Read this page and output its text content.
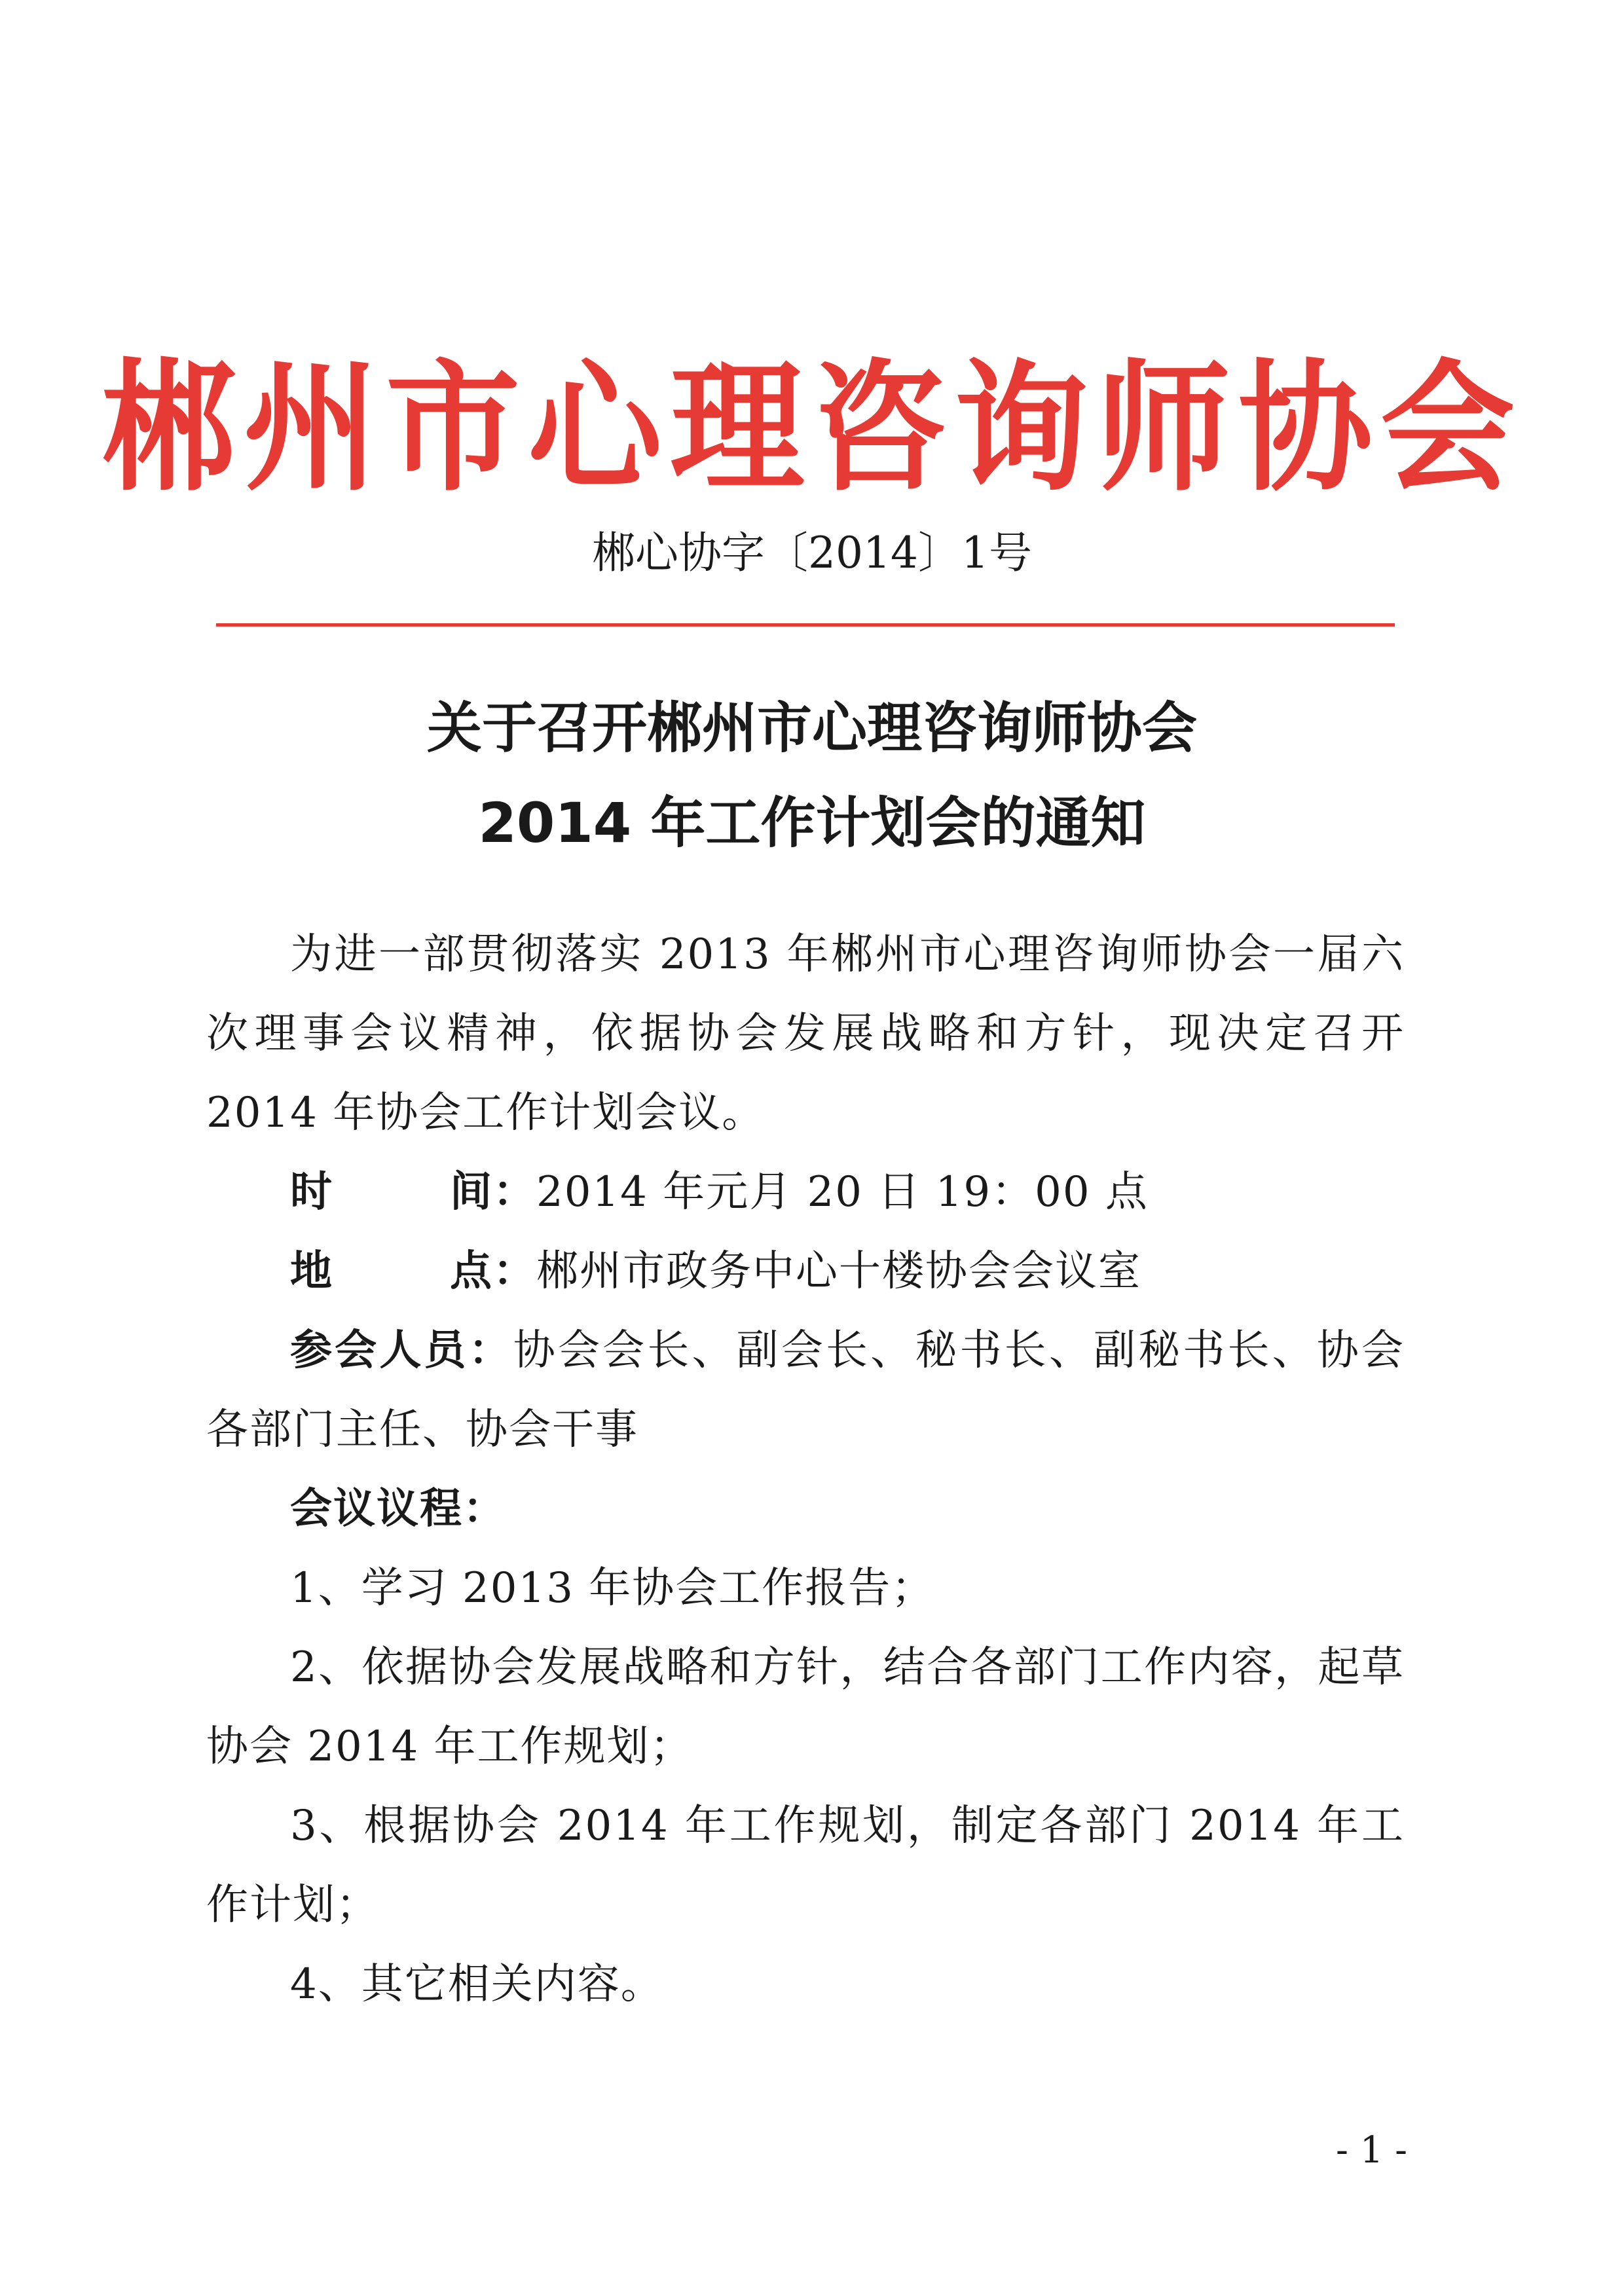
郴州市心理咨询师协会
郴心协字〔2014〕1号
关于召开郴州市心理咨询师协会
2014 年工作计划会的通知

为进一部贯彻落实 2013 年郴州市心理咨询师协会一届六次理事会议精神，依据协会发展战略和方针，现决定召开 2014 年协会工作计划会议。

时间：2014 年元月 20 日 19：00 点

地点：郴州市政务中心十楼协会会议室

参会人员：协会会长、副会长、秘书长、副秘书长、协会各部门主任、协会干事

会议议程：

1、学习 2013 年协会工作报告；

2、依据协会发展战略和方针，结合各部门工作内容，起草协会 2014 年工作规划；

3、根据协会 2014 年工作规划，制定各部门 2014 年工作计划；

4、其它相关内容。

- 1 -
